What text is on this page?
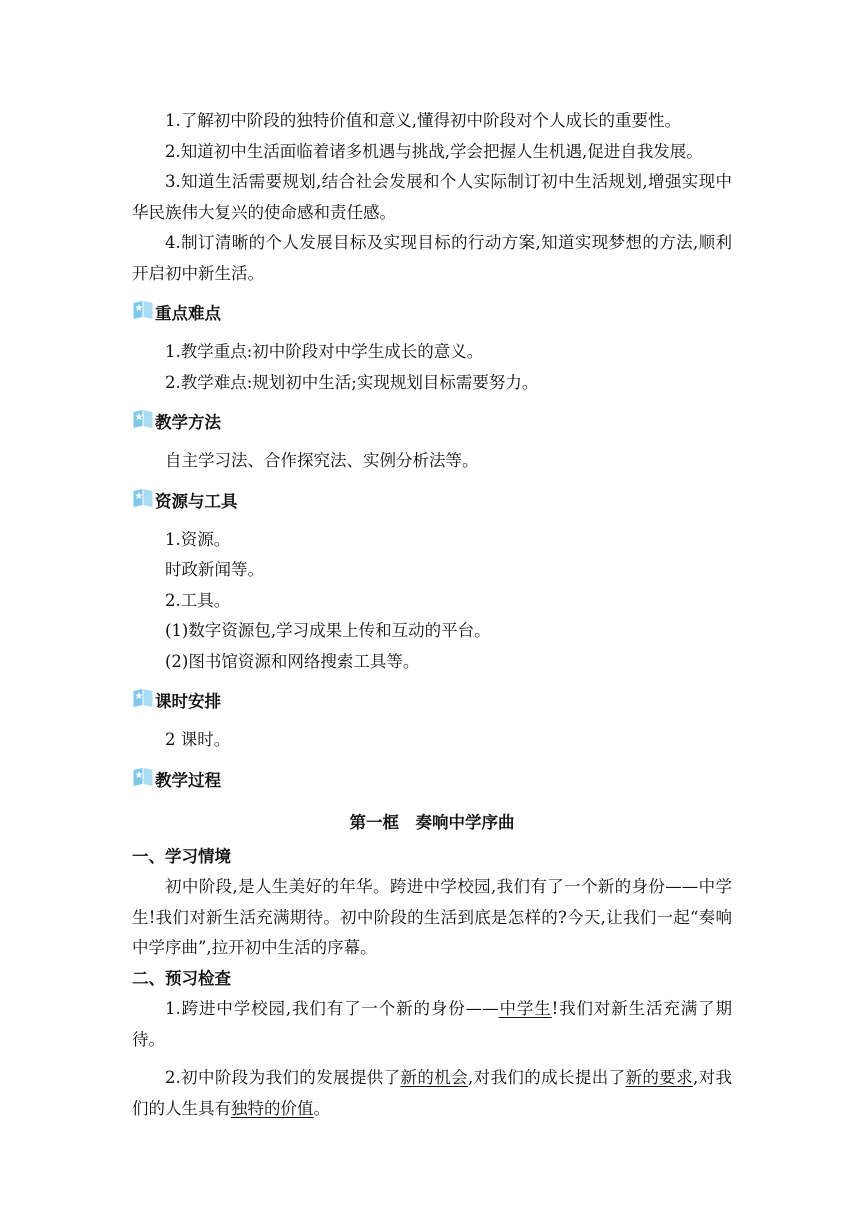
1.了解初中阶段的独特价值和意义,懂得初中阶段对个人成长的重要性。

2.知道初中生活面临着诸多机遇与挑战,学会把握人生机遇,促进自我发展。

3.知道生活需要规划,结合社会发展和个人实际制订初中生活规划,增强实现中华民族伟大复兴的使命感和责任感。

4.制订清晰的个人发展目标及实现目标的行动方案,知道实现梦想的方法,顺利开启初中新生活。

重点难点

1.教学重点:初中阶段对中学生成长的意义。

2.教学难点:规划初中生活;实现规划目标需要努力。

教学方法

自主学习法、合作探究法、实例分析法等。

资源与工具

1.资源。

时政新闻等。

2.工具。

(1)数字资源包,学习成果上传和互动的平台。

(2)图书馆资源和网络搜索工具等。

课时安排

2 课时。

教学过程
第一框　奏响中学序曲

一、学习情境

初中阶段,是人生美好的年华。跨进中学校园,我们有了一个新的身份——中学生!我们对新生活充满期待。初中阶段的生活到底是怎样的?今天,让我们一起“奏响中学序曲”,拉开初中生活的序幕。

二、预习检查

1.跨进中学校园,我们有了一个新的身份——中学生!我们对新生活充满了期待。

2.初中阶段为我们的发展提供了新的机会,对我们的成长提出了新的要求,对我们的人生具有独特的价值。
